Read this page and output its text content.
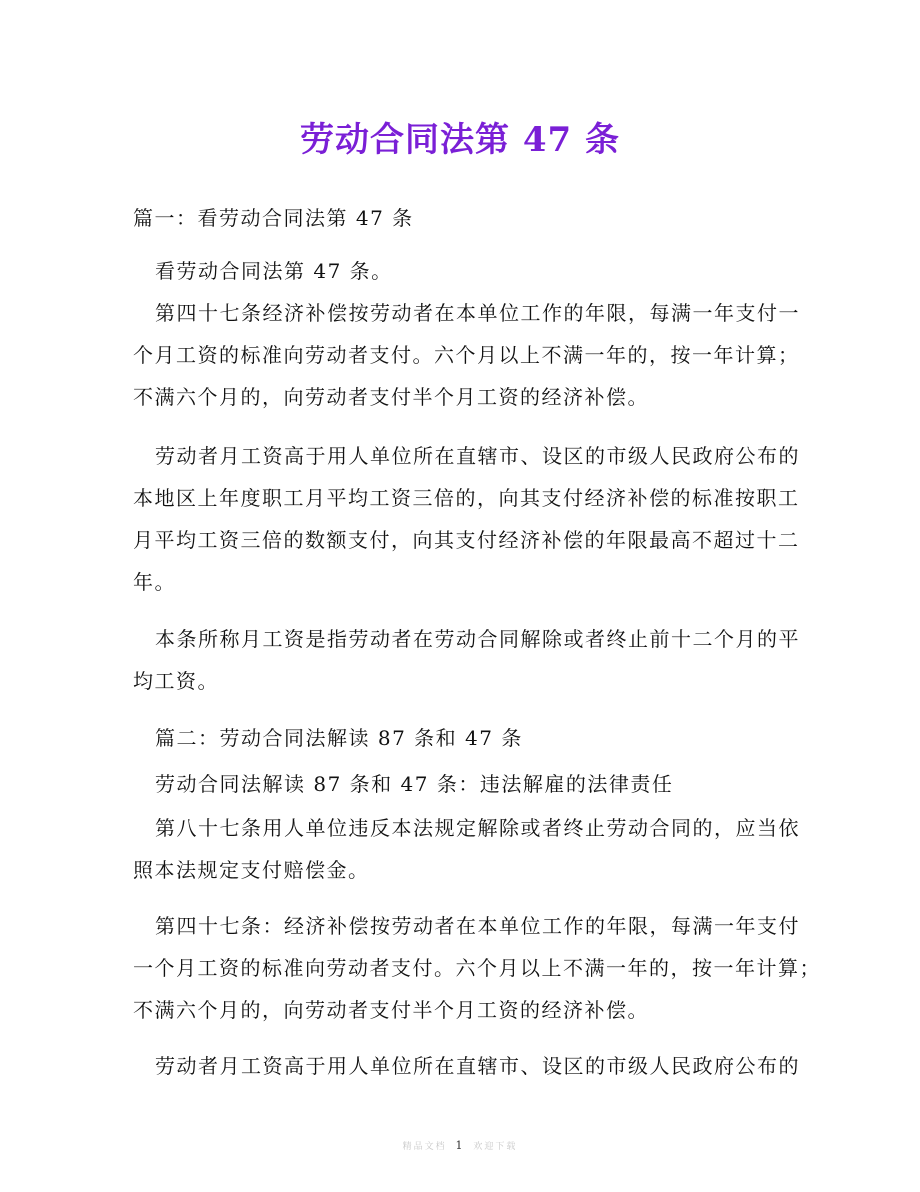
劳动合同法第 47 条
篇一：看劳动合同法第 47 条
看劳动合同法第 47 条。
第四十七条经济补偿按劳动者在本单位工作的年限，每满一年支付一
个月工资的标准向劳动者支付。六个月以上不满一年的，按一年计算；
不满六个月的，向劳动者支付半个月工资的经济补偿。
劳动者月工资高于用人单位所在直辖市、设区的市级人民政府公布的
本地区上年度职工月平均工资三倍的，向其支付经济补偿的标准按职工
月平均工资三倍的数额支付，向其支付经济补偿的年限最高不超过十二
年。
本条所称月工资是指劳动者在劳动合同解除或者终止前十二个月的平
均工资。
篇二：劳动合同法解读 87 条和 47 条
劳动合同法解读 87 条和 47 条：违法解雇的法律责任
第八十七条用人单位违反本法规定解除或者终止劳动合同的，应当依
照本法规定支付赔偿金。
第四十七条：经济补偿按劳动者在本单位工作的年限，每满一年支付
一个月工资的标准向劳动者支付。六个月以上不满一年的，按一年计算；
不满六个月的，向劳动者支付半个月工资的经济补偿。
劳动者月工资高于用人单位所在直辖市、设区的市级人民政府公布的
精品文档 1 欢迎下载
